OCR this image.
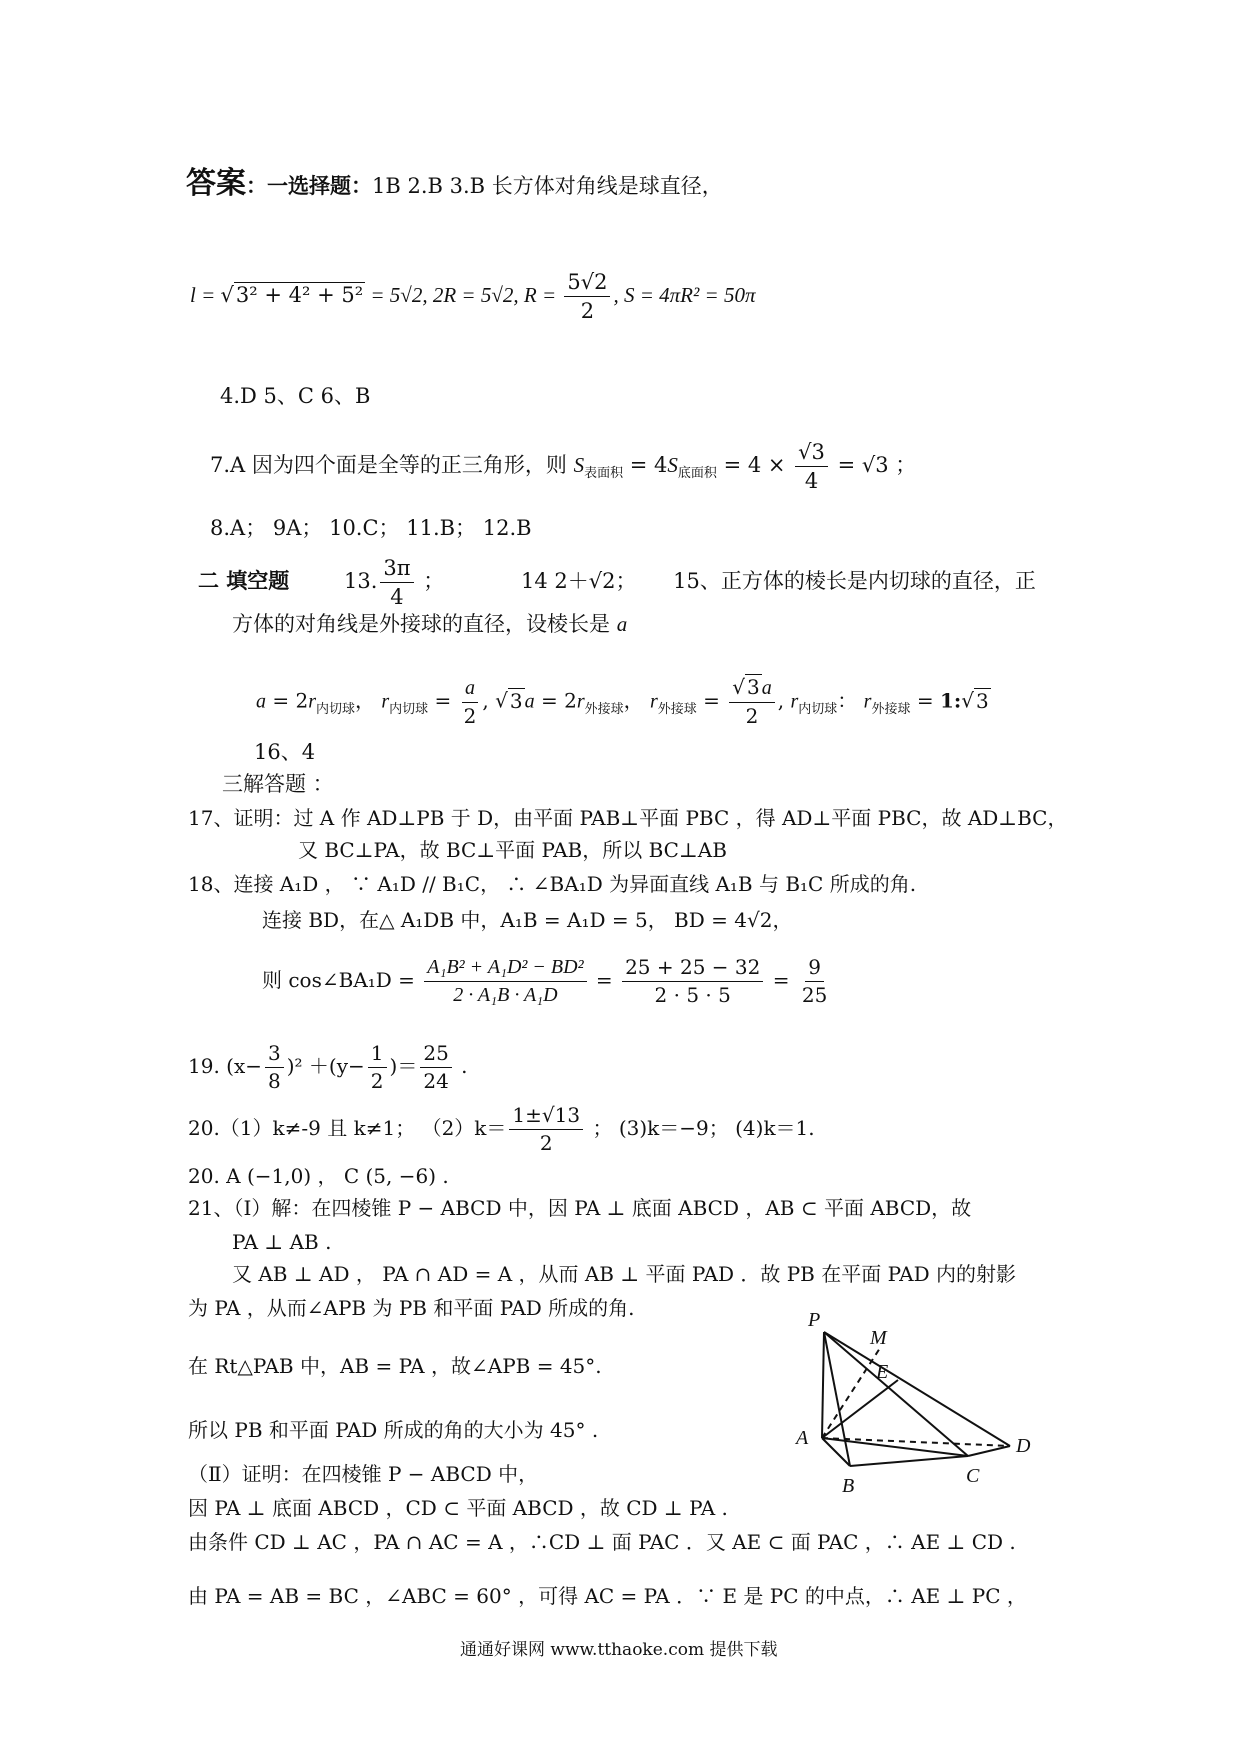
答案：一选择题：1B 2.B 3.B 长方体对角线是球直径，
l = √3² + 4² + 5² = 5√2, 2R = 5√2, $R = \frac{5√2}{2}$ , S = 4πR² = 50π
4.D 5、C 6、B
7.A 因为四个面是全等的正三角形，则 $S_{表面积} = 4S_{底面积} = 4 \times \frac{√3}{4} = √3$ ；
8.A； 9A； 10.C； 11.B； 12.B
二 填空题	13. $\frac{3\pi}{4}$ ；	14 2＋√2； 15、正方体的棱长是内切球的直径，正
方体的对角线是外接球的直径，设棱长是 a
$a = 2r_{内切球}$， $r_{内切球} = \frac{a}{2}$ , √ 3 $a = 2r_{外接球}$， $r_{外接球} = \frac{√ 3 a}{2}$ , $r_{内切球}$： $r_{外接球}$ = 1:√ 3
16、4
三解答题 ：
17、证明：过 A 作 AD⊥PB 于 D，由平面 PAB⊥平面 PBC ，得 AD⊥平面 PBC，故 AD⊥BC，
又 BC⊥PA，故 BC⊥平面 PAB，所以 BC⊥AB
18、连接 A₁D ， ∵ A₁D // B₁C， ∴ ∠BA₁D 为异面直线 A₁B 与 B₁C 所成的角.
连接 BD，在△ A₁DB 中，A₁B = A₁D = 5， BD = 4√2，
则 cos∠BA₁D = $\frac{\text{A₁B² + A₁D² − BD²}}{\text{2 · A₁B · A₁D}} = \frac{25 + 25 - 32}{2 \cdot 5 \cdot 5} = \frac{9}{25}$
19. $(x- \frac{3}{8} )^2 +(y- \frac{1}{2}$ )＝ $\frac{25}{24}$ .
20.（1）k≠-9 且 k≠1； $(2)k= \frac{1\pm√13}{2}$ ； (3)k＝−9； (4)k＝1.
20. A (−1,0) ， C (5, −6) .
21、（Ⅰ）解：在四棱锥 P − ABCD 中，因 PA ⊥ 底面 ABCD ，AB ⊂ 平面 ABCD，故
PA ⊥ AB .
又 AB ⊥ AD ， PA ∩ AD = A ，从而 AB ⊥ 平面 PAD ．故 PB 在平面 PAD 内的射影
为 PA ，从而∠APB 为 PB 和平面 PAD 所成的角.
在 Rt△PAB 中，AB = PA ，故∠APB = 45°.
所以 PB 和平面 PAD 所成的角的大小为 45° .
（Ⅱ）证明：在四棱锥 P − ABCD 中，
因 PA ⊥ 底面 ABCD ，CD ⊂ 平面 ABCD ，故 CD ⊥ PA .
由条件 CD ⊥ AC ，PA ∩ AC = A ，∴CD ⊥ 面 PAC ．又 AE ⊂ 面 PAC ，∴ AE ⊥ CD .
由 PA = AB = BC ，∠ABC = 60° ，可得 AC = PA ．∵ E 是 PC 的中点，∴ AE ⊥ PC ，
P
M
E
A	D
B	C
通通好课网 www.tthaoke.com 提供下载
